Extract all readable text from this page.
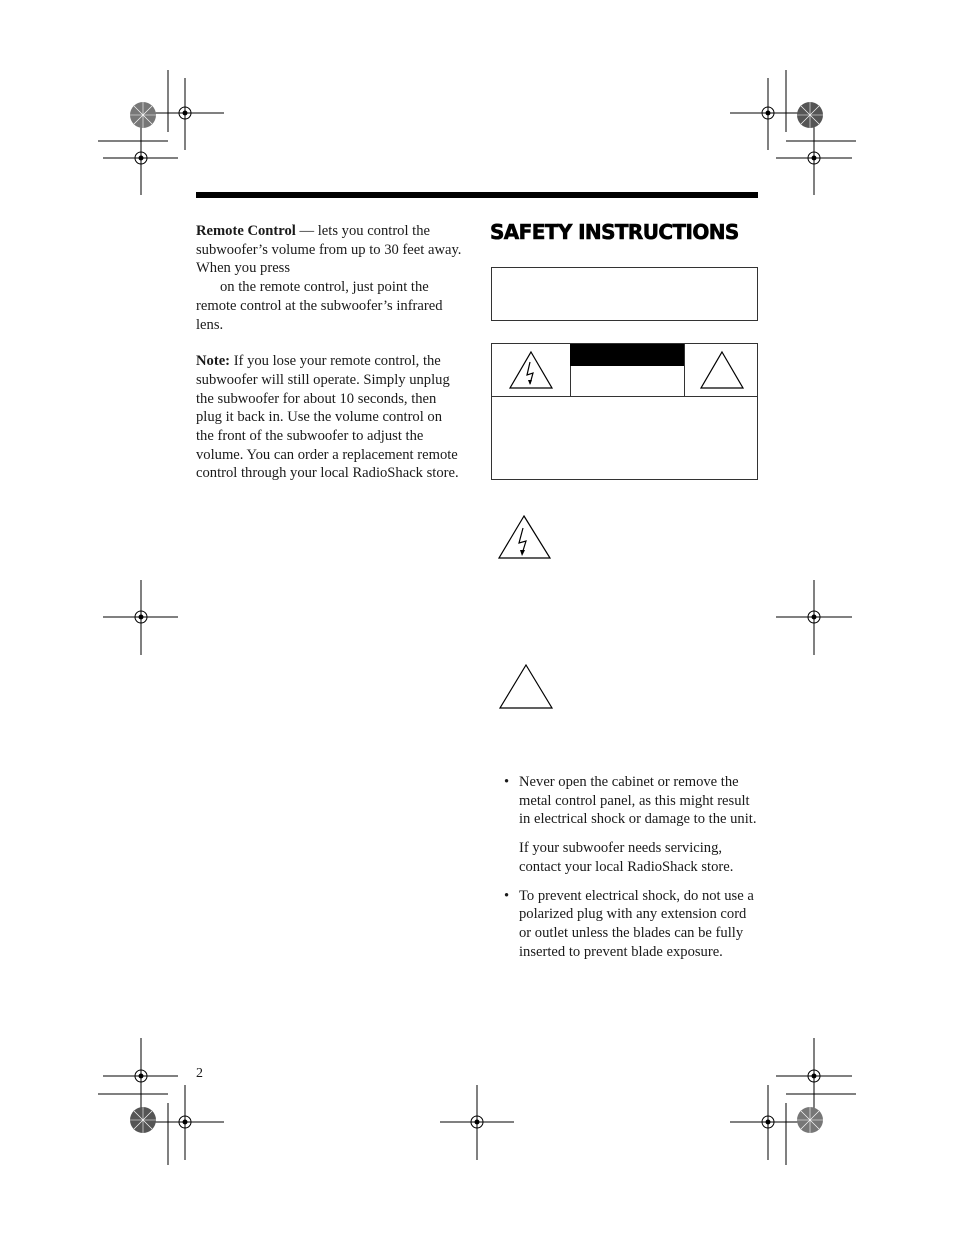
Remote Control — lets you control the subwoofer’s volume from up to 30 feet away. When you press
on the remote control, just point the remote control at the subwoofer’s infrared lens.

Note: If you lose your remote control, the subwoofer will still operate. Simply unplug the subwoofer for about 10 seconds, then plug it back in. Use the volume control on the front of the subwoofer to adjust the volume. You can order a replacement remote control through your local RadioShack store.

SAFETY INSTRUCTIONS
• Never open the cabinet or remove the metal control panel, as this might result in electrical shock or damage to the unit.
If your subwoofer needs servicing, contact your local RadioShack store.
• To prevent electrical shock, do not use a polarized plug with any extension cord or outlet unless the blades can be fully inserted to prevent blade exposure.
2
